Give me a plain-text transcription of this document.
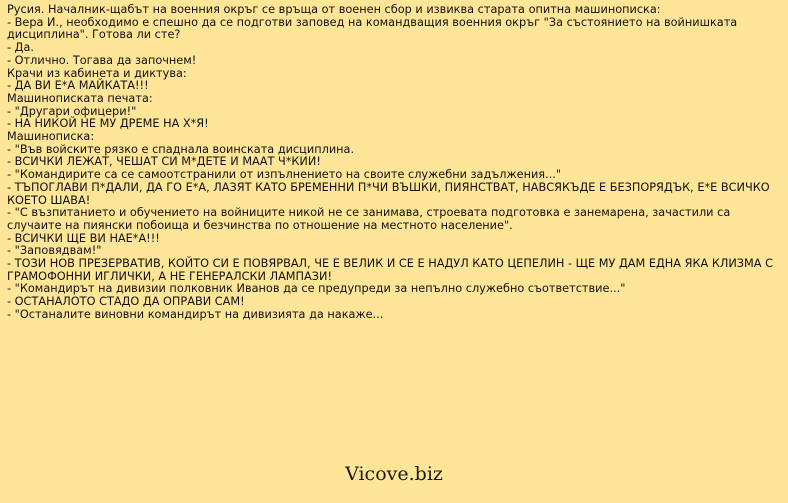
Русия. Началник-щабът на военния окръг се връща от военен сбор и извиква старата опитна машинописка:
- Вера И., необходимо е спешно да се подготви заповед на командващия военния окръг "За състоянието на войнишката дисциплина". Готова ли сте?
- Да.
- Отлично. Тогава да започнем!
Крачи из кабинета и диктува:
- ДА ВИ Е*А МАЙКАТА!!!
Машинописката печата:
- "Другари офицери!"
- НА НИКОЙ НЕ МУ ДРЕМЕ НА Х*Я!
Машинописка:
- "Във войските рязко е спаднала воинската дисциплина.
- ВСИЧКИ ЛЕЖАТ, ЧЕШАТ СИ М*ДЕТЕ И МААТ Ч*КИИ!
- "Командирите са се самоотстранили от изпълнението на своите служебни задължения..."
- ТЪПОГЛАВИ П*ДАЛИ, ДА ГО Е*А, ЛАЗЯТ КАТО БРЕМЕННИ П*ЧИ ВЪШКИ, ПИЯНСТВАТ, НАВСЯКЪДЕ Е БЕЗПОРЯДЪК, Е*Е ВСИЧКО КОЕТО ШАВА!
- "С възпитанието и обучението на войниците никой не се занимава, строевата подготовка е занемарена, зачастили са случаите на пиянски побоища и безчинства по отношение на местното население".
- ВСИЧКИ ЩЕ ВИ НАЕ*А!!!
- "Заповядвам!"
- ТОЗИ НОВ ПРЕЗЕРВАТИВ, КОЙТО СИ Е ПОВЯРВАЛ, ЧЕ Е ВЕЛИК И СЕ Е НАДУЛ КАТО ЦЕПЕЛИН - ЩЕ МУ ДАМ ЕДНА ЯКА КЛИЗМА С ГРАМОФОННИ ИГЛИЧКИ, А НЕ ГЕНЕРАЛСКИ ЛАМПАЗИ!
- "Командирът на дивизии полковник Иванов да се предупреди за непълно служебно съответствие..."
- ОСТАНАЛОТО СТАДО ДА ОПРАВИ САМ!
- "Останалите виновни командирът на дивизията да накаже...
Vicove.biz
